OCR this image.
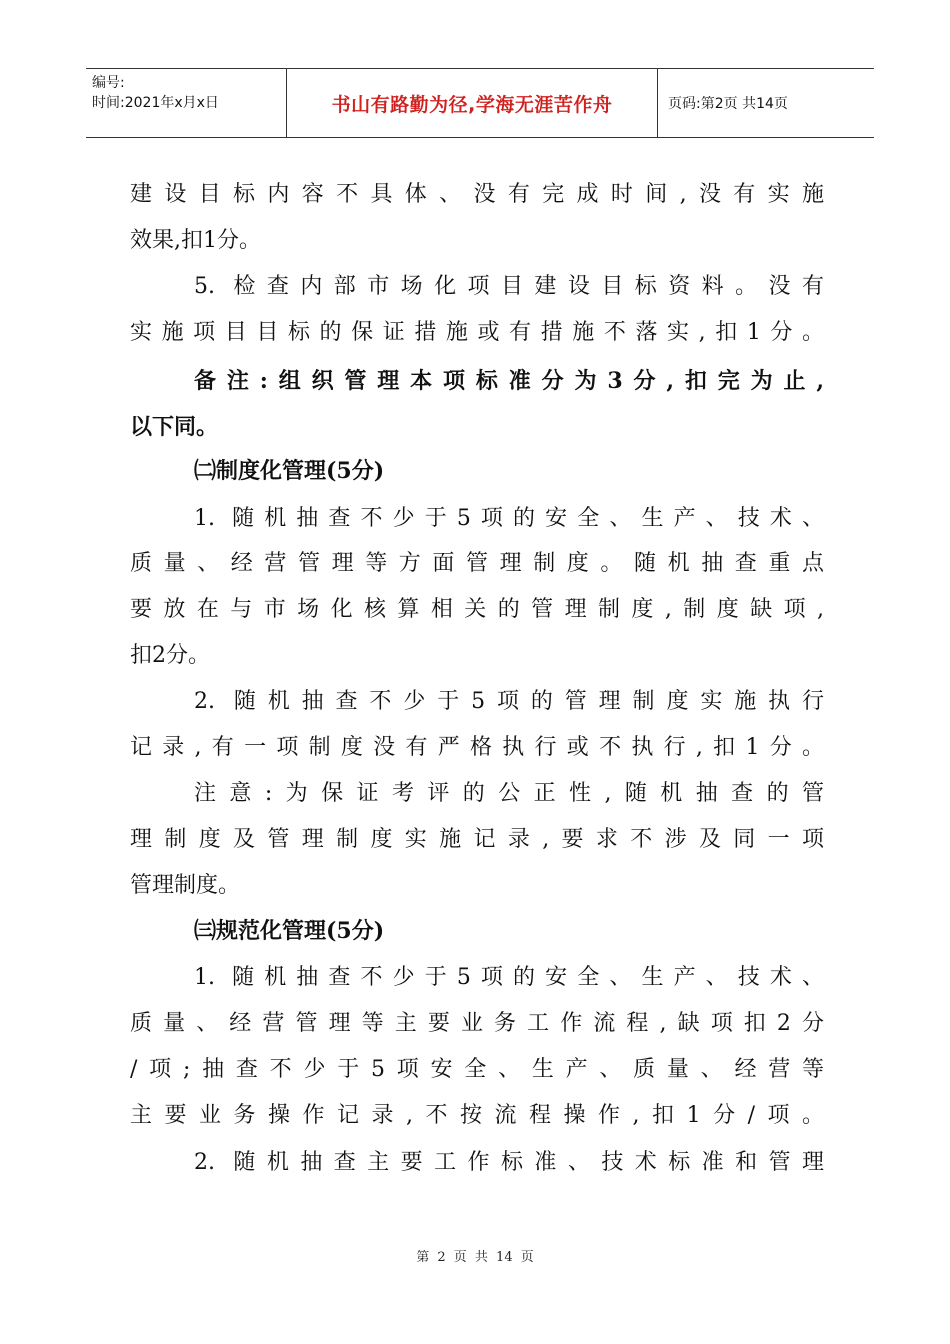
编号:
时间:2021年x月x日	书山有路勤为径,学海无涯苦作舟	页码:第2页 共14页
建设目标内容不具体、没有完成时间,没有实施
效果,扣1分。
5. 检查内部市场化项目建设目标资料。没有
实施项目目标的保证措施或有措施不落实,扣1分。
备注:组织管理本项标准分为3分,扣完为止,
以下同。
㈡制度化管理(5分)
1. 随机抽查不少于5项的安全、生产、技术、
质量、经营管理等方面管理制度。随机抽查重点
要放在与市场化核算相关的管理制度,制度缺项,
扣2分。
2. 随机抽查不少于5项的管理制度实施执行
记录,有一项制度没有严格执行或不执行,扣1分。
注意:为保证考评的公正性,随机抽查的管
理制度及管理制度实施记录,要求不涉及同一项
管理制度。
㈢规范化管理(5分)
1. 随机抽查不少于5项的安全、生产、技术、
质量、经营管理等主要业务工作流程,缺项扣2分
/项;抽查不少于5项安全、生产、质量、经营等
主要业务操作记录,不按流程操作,扣1分/项。
2. 随机抽查主要工作标准、技术标准和管理
第 2 页 共 14 页
